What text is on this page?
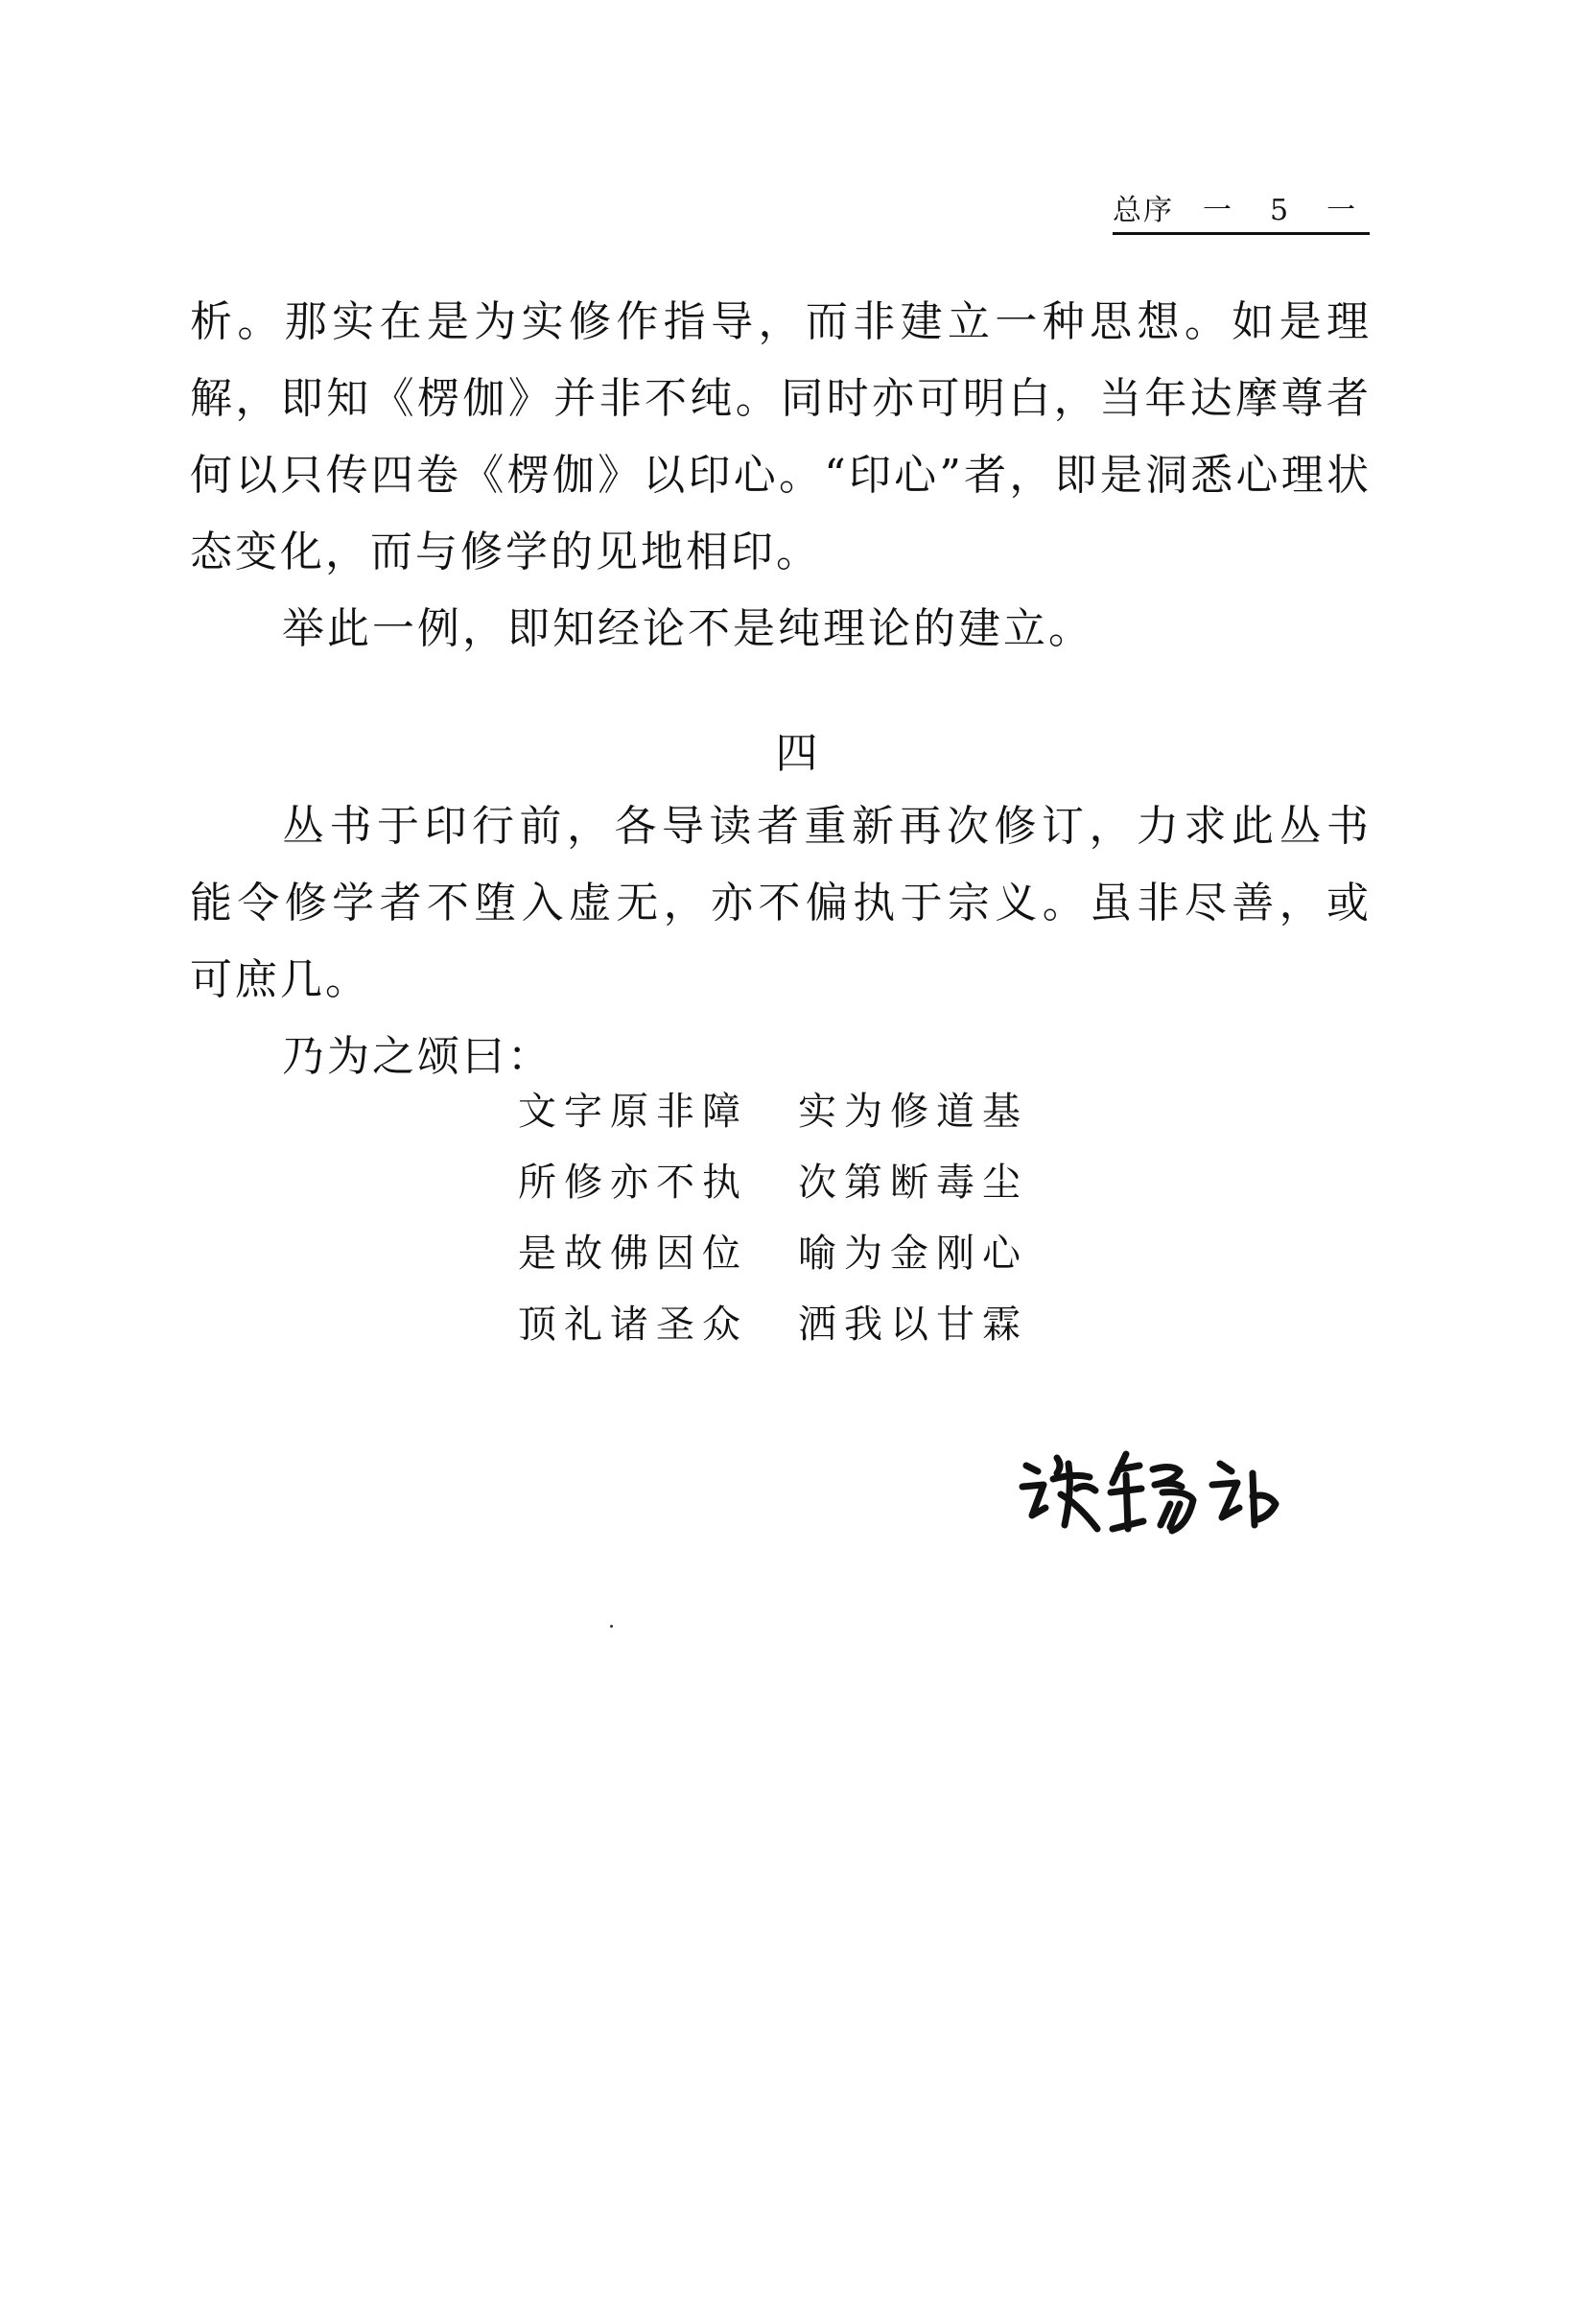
总序 一 5 一
析。那实在是为实修作指导，而非建立一种思想。如是理
解，即知《楞伽》并非不纯。同时亦可明白，当年达摩尊者
何以只传四卷《楞伽》以印心。“印心”者，即是洞悉心理状
态变化，而与修学的见地相印。
举此一例，即知经论不是纯理论的建立。
四
丛书于印行前，各导读者重新再次修订，力求此丛书
能令修学者不堕入虚无，亦不偏执于宗义。虽非尽善，或
可庶几。
乃为之颂曰：
文字原非障 实为修道基
所修亦不执 次第断毒尘
是故佛因位 喻为金刚心
顶礼诸圣众 洒我以甘霖
